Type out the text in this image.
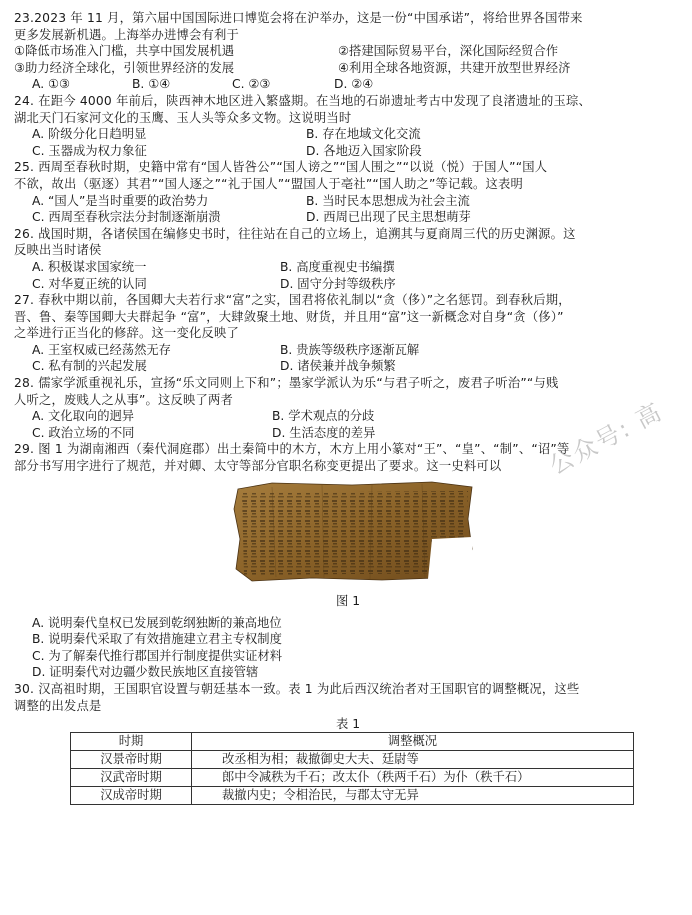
公众号: 高
23.2023 年 11 月，第六届中国国际进口博览会将在沪举办，这是一份“中国承诺”，将给世界各国带来
更多发展新机遇。上海举办进博会有利于
①降低市场准入门槛，共享中国发展机遇	②搭建国际贸易平台，深化国际经贸合作
③助力经济全球化，引领世界经济的发展	④利用全球各地资源，共建开放型世界经济
A. ①③	B. ①④	C. ②③	D. ②④
24. 在距今 4000 年前后，陕西神木地区进入繁盛期。在当地的石峁遗址考古中发现了良渚遗址的玉琮、
湖北天门石家河文化的玉鹰、玉人头等众多文物。这说明当时
A. 阶级分化日趋明显	B. 存在地域文化交流
C. 玉器成为权力象征	D. 各地迈入国家阶段
25. 西周至春秋时期，史籍中常有“国人皆咎公”“国人谤之”“国人围之”“以说（悦）于国人”“国人
不欲，故出（驱逐）其君”“国人逐之”“礼于国人”“盟国人于亳社”“国人助之”等记载。这表明
A. “国人”是当时重要的政治势力	B. 当时民本思想成为社会主流
C. 西周至春秋宗法分封制逐渐崩溃	D. 西周已出现了民主思想萌芽
26. 战国时期，各诸侯国在编修史书时，往往站在自己的立场上，追溯其与夏商周三代的历史渊源。这
反映出当时诸侯
A. 积极谋求国家统一	B. 高度重视史书编撰
C. 对华夏正统的认同	D. 固守分封等级秩序
27. 春秋中期以前，各国卿大夫若行求“富”之实，国君将依礼制以“贪（侈）”之名惩罚。到春秋后期，
晋、鲁、秦等国卿大夫群起争 “富”，大肆敛聚土地、财货，并且用“富”这一新概念对自身“贪（侈）”
之举进行正当化的修辞。这一变化反映了
A. 王室权威已经荡然无存	B. 贵族等级秩序逐渐瓦解
C. 私有制的兴起发展	D. 诸侯兼并战争频繁
28. 儒家学派重视礼乐，宣扬“乐文同则上下和”；墨家学派认为乐“与君子听之，废君子听治”“与贱
人听之，废贱人之从事”。这反映了两者
A. 文化取向的迥异	B. 学术观点的分歧
C. 政治立场的不同	D. 生活态度的差异
29. 图 1 为湖南湘西（秦代洞庭郡）出土秦简中的木方，木方上用小篆对“王”、“皇”、“制”、“诏”等
部分书写用字进行了规范，并对卿、太守等部分官职名称变更提出了要求。这一史料可以
图 1
A. 说明秦代皇权已发展到乾纲独断的兼高地位
B. 说明秦代采取了有效措施建立君主专权制度
C. 为了解秦代推行郡国并行制度提供实证材料
D. 证明秦代对边疆少数民族地区直接管辖
30. 汉高祖时期，王国职官设置与朝廷基本一致。表 1 为此后西汉统治者对王国职官的调整概况，这些
调整的出发点是
表 1
时期	调整概况
汉景帝时期	改丞相为相；裁撤御史大夫、廷尉等
汉武帝时期	郎中令减秩为千石；改太仆（秩两千石）为仆（秩千石）
汉成帝时期	裁撤内史；令相治民，与郡太守无异
